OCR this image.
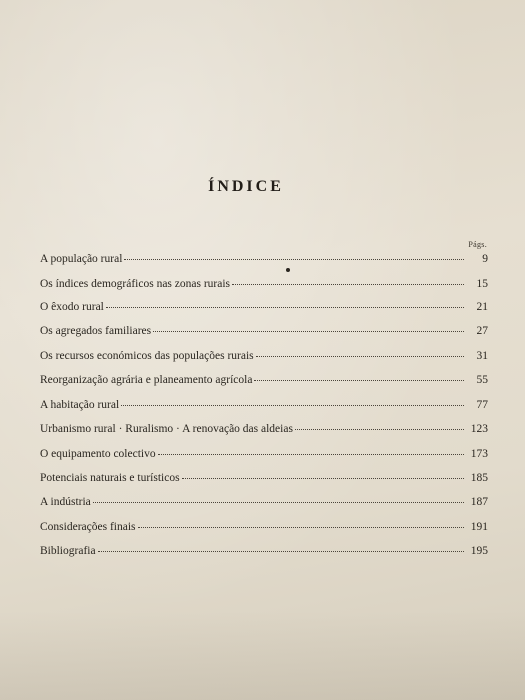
ÍNDICE
Págs.
A população rural	9
Os índices demográficos nas zonas rurais	15
O êxodo rural	21
Os agregados familiares	27
Os recursos económicos das populações rurais	31
Reorganização agrária e planeamento agrícola	55
A habitação rural	77
Urbanismo rural · Ruralismo · A renovação das aldeias	123
O equipamento colectivo	173
Potenciais naturais e turísticos	185
A indústria	187
Considerações finais	191
Bibliografia	195
